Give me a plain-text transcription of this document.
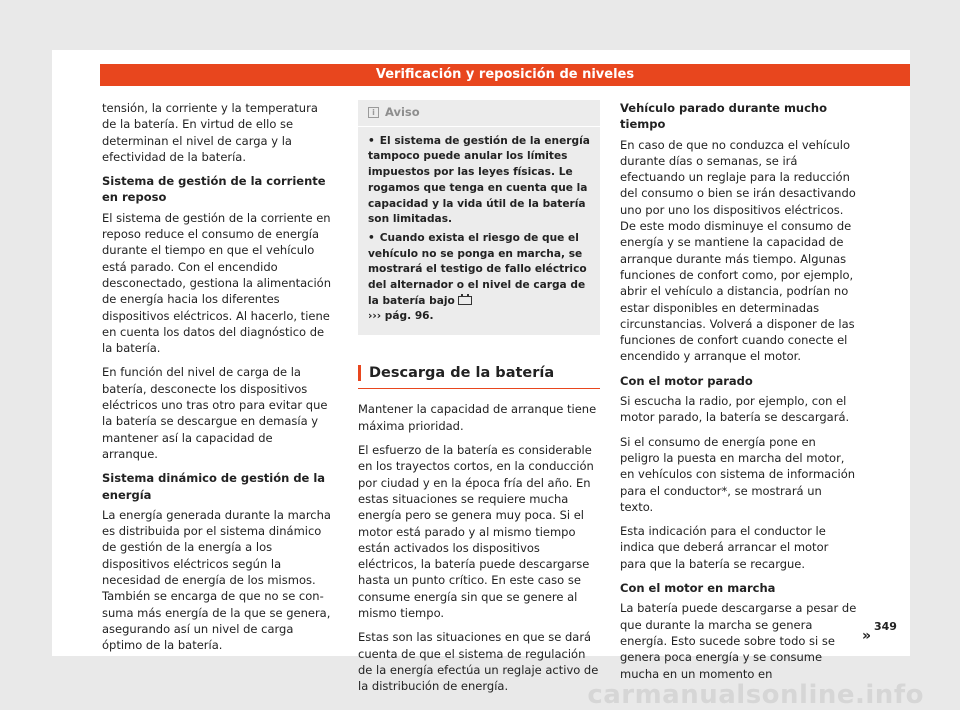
Verificación y reposición de niveles

tensión, la corriente y la temperatura de la batería. En virtud de ello se determinan el nivel de carga y la efectividad de la batería.

Sistema de gestión de la corriente en reposo

El sistema de gestión de la corriente en reposo reduce el consumo de energía durante el tiempo en que el vehículo está parado. Con el encendido desconectado, gestiona la alimentación de energía hacia los diferentes dispositivos eléctricos. Al hacerlo, tiene en cuenta los datos del diagnóstico de la batería.

En función del nivel de carga de la batería, desconecte los dispositivos eléctricos uno tras otro para evitar que la batería se descargue en demasía y mantener así la capacidad de arranque.

Sistema dinámico de gestión de la energía

La energía generada durante la marcha es distribuida por el sistema dinámico de gestión de la energía a los dispositivos eléctricos según la necesidad de energía de los mismos. También se encarga de que no se consuma más energía de la que se genera, asegurando así un nivel de carga óptimo de la batería.

i Aviso
• El sistema de gestión de la energía tampoco puede anular los límites impuestos por las leyes físicas. Le rogamos que tenga en cuenta que la capacidad y la vida útil de la batería son limitadas.
• Cuando exista el riesgo de que el vehículo no se ponga en marcha, se mostrará el testigo de fallo eléctrico del alternador o el nivel de carga de la batería bajo
››› pág. 96.
Descarga de la batería

Mantener la capacidad de arranque tiene máxima prioridad.

El esfuerzo de la batería es considerable en los trayectos cortos, en la conducción por ciudad y en la época fría del año. En estas situaciones se requiere mucha energía pero se genera muy poca. Si el motor está parado y al mismo tiempo están activados los dispositivos eléctricos, la batería puede descargarse hasta un punto crítico. En este caso se consume energía sin que se genere al mismo tiempo.

Estas son las situaciones en que se dará cuenta de que el sistema de regulación de la energía efectúa un reglaje activo de la distribución de energía.

Vehículo parado durante mucho tiempo

En caso de que no conduzca el vehículo durante días o semanas, se irá efectuando un reglaje para la reducción del consumo o bien se irán desactivando uno por uno los dispositivos eléctricos. De este modo disminuye el consumo de energía y se mantiene la capacidad de arranque durante más tiempo. Algunas funciones de confort como, por ejemplo, abrir el vehículo a distancia, podrían no estar disponibles en determinadas circunstancias. Volverá a disponer de las funciones de confort cuando conecte el encendido y arranque el motor.

Con el motor parado

Si escucha la radio, por ejemplo, con el motor parado, la batería se descargará.

Si el consumo de energía pone en peligro la puesta en marcha del motor, en vehículos con sistema de información para el conductor*, se mostrará un texto.

Esta indicación para el conductor le indica que deberá arrancar el motor para que la batería se recargue.

Con el motor en marcha

La batería puede descargarse a pesar de que durante la marcha se genera energía. Esto sucede sobre todo si se genera poca energía y se consume mucha en un momento en

»
349
carmanualsonline.info
